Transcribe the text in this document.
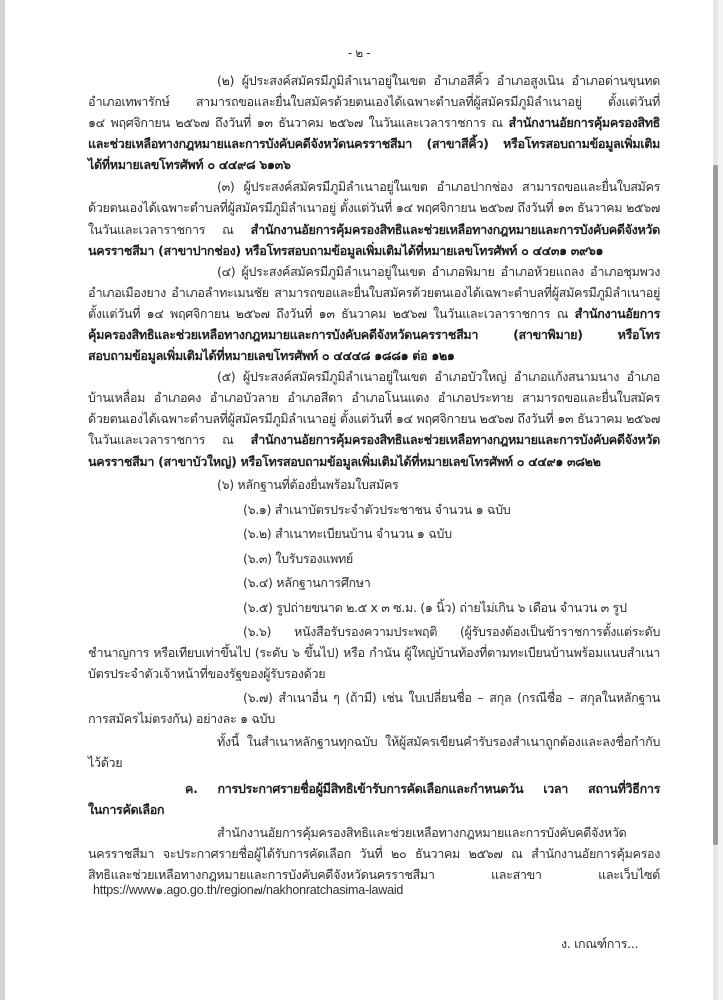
- ๒ -
(๒) ผู้ประสงค์สมัครมีภูมิลำเนาอยู่ในเขต อำเภอสีคิ้ว อำเภอสูงเนิน อำเภอด่านขุนทด
อำเภอเทพารักษ์ สามารถขอและยื่นใบสมัครด้วยตนเองได้เฉพาะตำบลที่ผู้สมัครมีภูมิลำเนาอยู่ ตั้งแต่วันที่
๑๔ พฤศจิกายน ๒๕๖๗ ถึงวันที่ ๑๓ ธันวาคม ๒๕๖๗ ในวันและเวลาราชการ ณ สำนักงานอัยการคุ้มครองสิทธิ
และช่วยเหลือทางกฎหมายและการบังคับคดีจังหวัดนครราชสีมา (สาขาสีคิ้ว) หรือโทรสอบถามข้อมูลเพิ่มเติม
ได้ที่หมายเลขโทรศัพท์ ๐ ๔๔๙๘ ๖๑๓๖
(๓) ผู้ประสงค์สมัครมีภูมิลำเนาอยู่ในเขต อำเภอปากช่อง สามารถขอและยื่นใบสมัคร
ด้วยตนเองได้เฉพาะตำบลที่ผู้สมัครมีภูมิลำเนาอยู่ ตั้งแต่วันที่ ๑๔ พฤศจิกายน ๒๕๖๗ ถึงวันที่ ๑๓ ธันวาคม ๒๕๖๗
ในวันและเวลาราชการ ณ สำนักงานอัยการคุ้มครองสิทธิและช่วยเหลือทางกฎหมายและการบังคับคดีจังหวัด
นครราชสีมา (สาขาปากช่อง) หรือโทรสอบถามข้อมูลเพิ่มเติมได้ที่หมายเลขโทรศัพท์ ๐ ๔๔๓๑ ๓๙๖๑
(๔) ผู้ประสงค์สมัครมีภูมิลำเนาอยู่ในเขต อำเภอพิมาย อำเภอห้วยแถลง อำเภอชุมพวง
อำเภอเมืองยาง อำเภอลำทะเมนชัย สามารถขอและยื่นใบสมัครด้วยตนเองได้เฉพาะตำบลที่ผู้สมัครมีภูมิลำเนาอยู่
ตั้งแต่วันที่ ๑๔ พฤศจิกายน ๒๕๖๗ ถึงวันที่ ๑๓ ธันวาคม ๒๕๖๗ ในวันและเวลาราชการ ณ สำนักงานอัยการ
คุ้มครองสิทธิและช่วยเหลือทางกฎหมายและการบังคับคดีจังหวัดนครราชสีมา (สาขาพิมาย) หรือโทร
สอบถามข้อมูลเพิ่มเติมได้ที่หมายเลขโทรศัพท์ ๐ ๔๔๔๘ ๑๘๘๑ ต่อ ๑๒๑
(๕) ผู้ประสงค์สมัครมีภูมิลำเนาอยู่ในเขต อำเภอบัวใหญ่ อำเภอแก้งสนามนาง อำเภอ
บ้านเหลื่อม อำเภอคง อำเภอบัวลาย อำเภอสีดา อำเภอโนนแดง อำเภอประทาย สามารถขอและยื่นใบสมัคร
ด้วยตนเองได้เฉพาะตำบลที่ผู้สมัครมีภูมิลำเนาอยู่ ตั้งแต่วันที่ ๑๔ พฤศจิกายน ๒๕๖๗ ถึงวันที่ ๑๓ ธันวาคม ๒๕๖๗
ในวันและเวลาราชการ ณ สำนักงานอัยการคุ้มครองสิทธิและช่วยเหลือทางกฎหมายและการบังคับคดีจังหวัด
นครราชสีมา (สาขาบัวใหญ่) หรือโทรสอบถามข้อมูลเพิ่มเติมได้ที่หมายเลขโทรศัพท์ ๐ ๔๔๙๑ ๓๘๒๒
(๖) หลักฐานที่ต้องยื่นพร้อมใบสมัคร
(๖.๑) สำเนาบัตรประจำตัวประชาชน จำนวน ๑ ฉบับ
(๖.๒) สำเนาทะเบียนบ้าน จำนวน ๑ ฉบับ
(๖.๓) ใบรับรองแพทย์
(๖.๔) หลักฐานการศึกษา
(๖.๕) รูปถ่ายขนาด ๒.๕ x ๓ ซ.ม. (๑ นิ้ว) ถ่ายไม่เกิน ๖ เดือน จำนวน ๓ รูป
(๖.๖) หนังสือรับรองความประพฤติ (ผู้รับรองต้องเป็นข้าราชการตั้งแต่ระดับ
ชำนาญการ หรือเทียบเท่าขึ้นไป (ระดับ ๖ ขึ้นไป) หรือ กำนัน ผู้ใหญ่บ้านท้องที่ตามทะเบียนบ้านพร้อมแนบสำเนา
บัตรประจำตัวเจ้าหน้าที่ของรัฐของผู้รับรองด้วย
(๖.๗) สำเนาอื่น ๆ (ถ้ามี) เช่น ใบเปลี่ยนชื่อ – สกุล (กรณีชื่อ – สกุลในหลักฐาน
การสมัครไม่ตรงกัน) อย่างละ ๑ ฉบับ
ทั้งนี้ ในสำเนาหลักฐานทุกฉบับ ให้ผู้สมัครเขียนคำรับรองสำเนาถูกต้องและลงชื่อกำกับ
ไว้ด้วย
ค. การประกาศรายชื่อผู้มีสิทธิเข้ารับการคัดเลือกและกำหนดวัน เวลา สถานที่วิธีการ
ในการคัดเลือก
สำนักงานอัยการคุ้มครองสิทธิและช่วยเหลือทางกฎหมายและการบังคับคดีจังหวัด
นครราชสีมา จะประกาศรายชื่อผู้ได้รับการคัดเลือก วันที่ ๒๐ ธันวาคม ๒๕๖๗ ณ สำนักงานอัยการคุ้มครอง
สิทธิและช่วยเหลือทางกฎหมายและการบังคับคดีจังหวัดนครราชสีมา และสาขา และเว็บไซต์
https://www๑.ago.go.th/region๗/nakhonratchasima-lawaid
ง. เกณฑ์การ...
